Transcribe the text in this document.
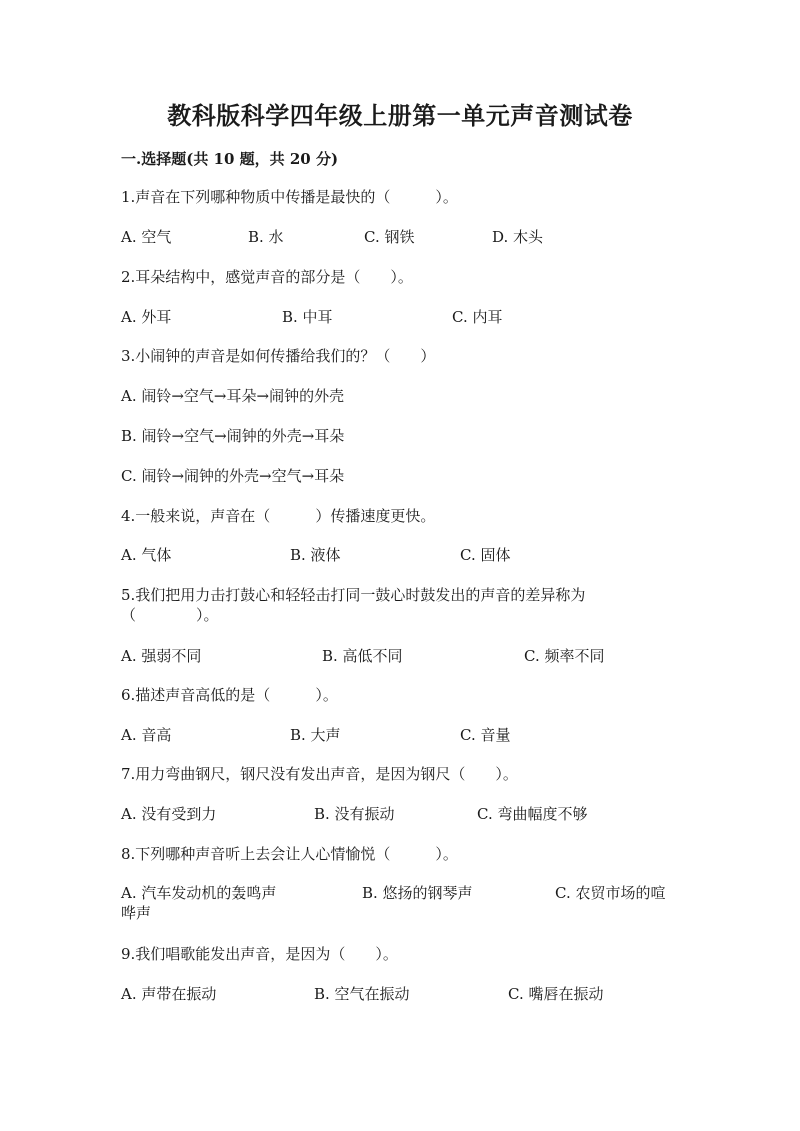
教科版科学四年级上册第一单元声音测试卷
一.选择题(共 10 题，共 20 分)
1.声音在下列哪种物质中传播是最快的（　　　）。
A. 空气	B. 水	C. 钢铁	D. 木头
2.耳朵结构中，感觉声音的部分是（　　）。
A. 外耳	B. 中耳	C. 内耳
3.小闹钟的声音是如何传播给我们的？（　　）
A. 闹铃→空气→耳朵→闹钟的外壳
B. 闹铃→空气→闹钟的外壳→耳朵
C. 闹铃→闹钟的外壳→空气→耳朵
4.一般来说，声音在（　　　）传播速度更快。
A. 气体	B. 液体	C. 固体
5.我们把用力击打鼓心和轻轻击打同一鼓心时鼓发出的声音的差异称为
（　　　　）。
A. 强弱不同	B. 高低不同	C. 频率不同
6.描述声音高低的是（　　　）。
A. 音高	B. 大声	C. 音量
7.用力弯曲钢尺，钢尺没有发出声音，是因为钢尺（　　）。
A. 没有受到力	B. 没有振动	C. 弯曲幅度不够
8.下列哪种声音听上去会让人心情愉悦（　　　）。
A. 汽车发动机的轰鸣声	B. 悠扬的钢琴声	C. 农贸市场的喧
哗声
9.我们唱歌能发出声音，是因为（　　）。
A. 声带在振动	B. 空气在振动	C. 嘴唇在振动
